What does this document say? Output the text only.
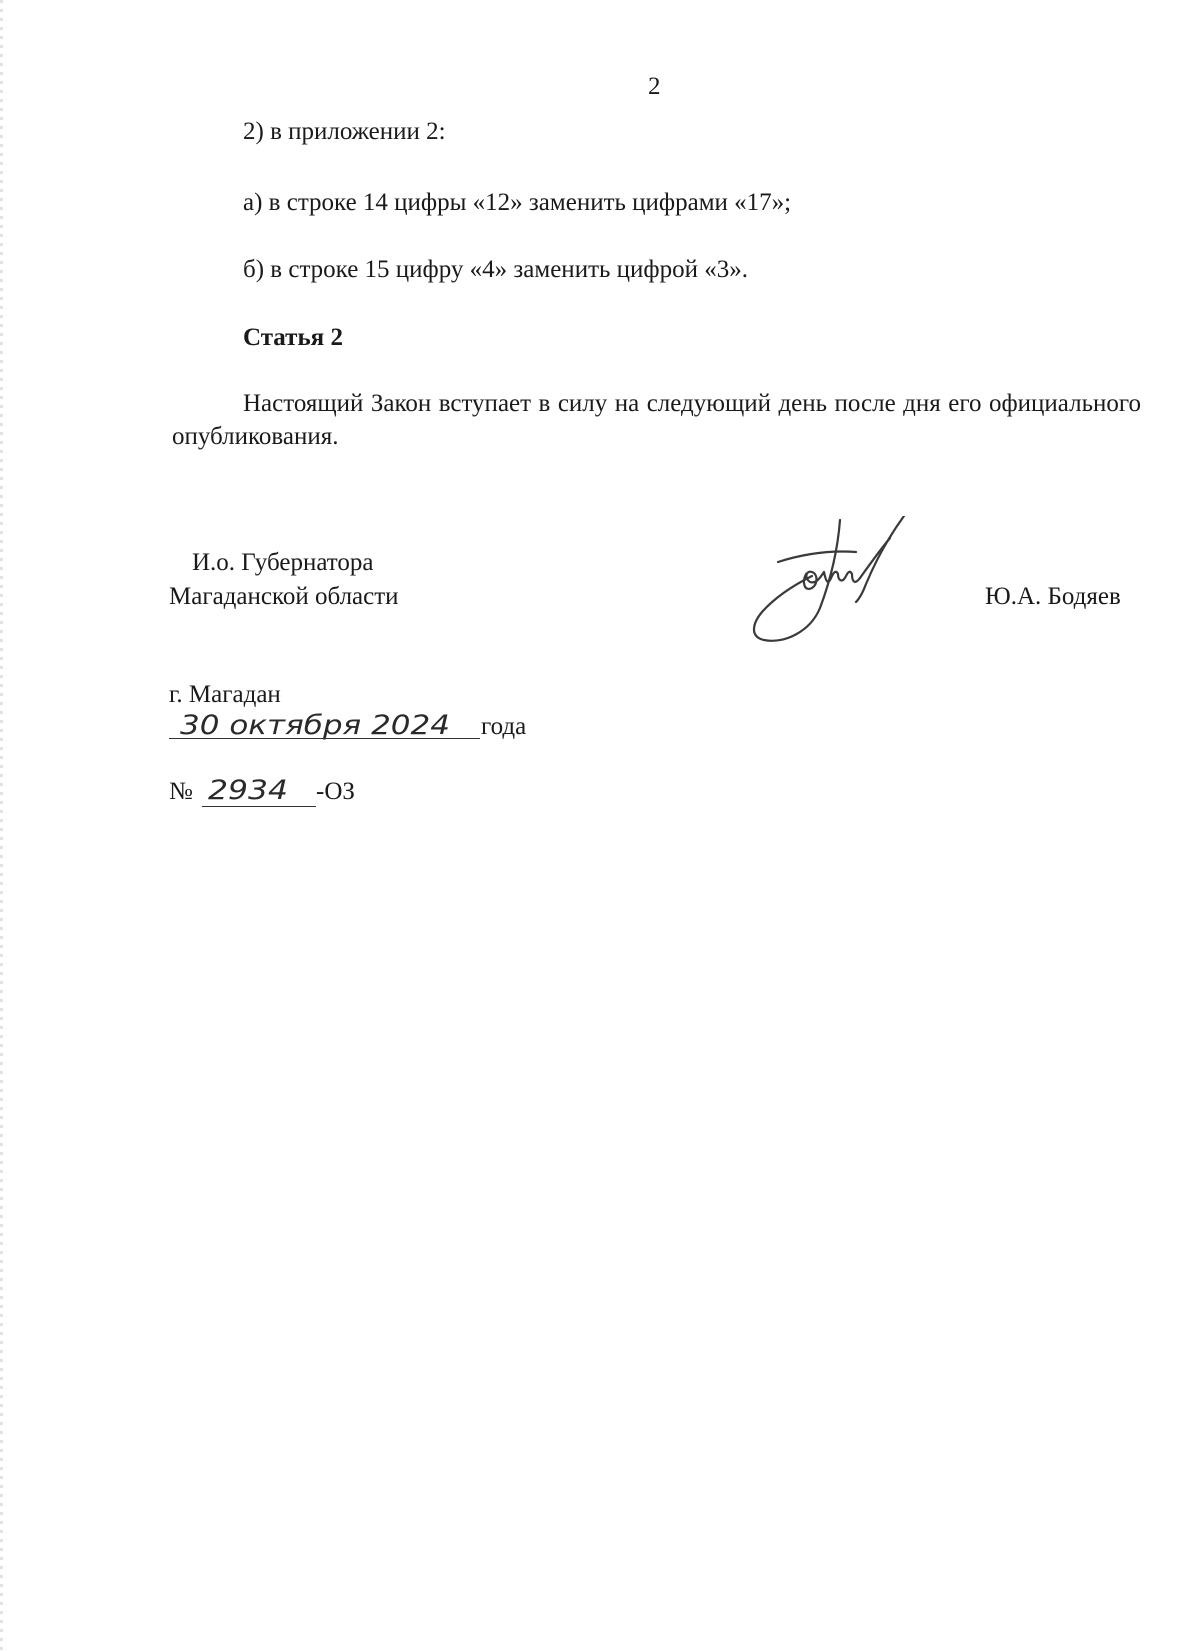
2
2) в приложении 2:
а) в строке 14 цифры «12» заменить цифрами «17»;
б) в строке 15 цифру «4» заменить цифрой «3».
Статья 2
Настоящий Закон вступает в силу на следующий день после дня его официального опубликования.
И.о. Губернатора
Магаданской области	Ю.А. Бодяев
г. Магадан
30 октября 2024 года
№ 2934 -ОЗ
